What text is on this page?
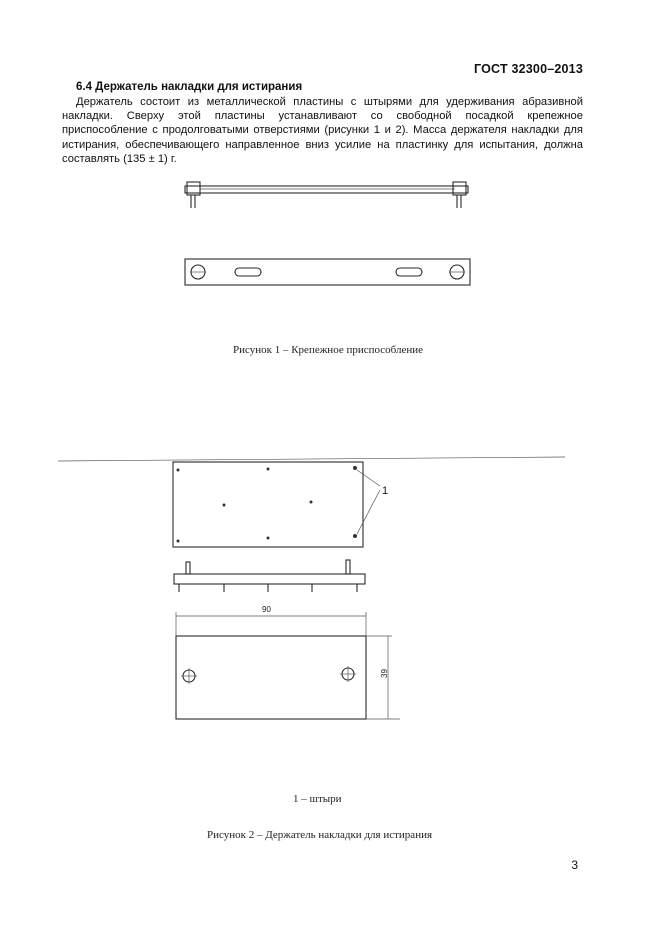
ГОСТ 32300–2013
6.4 Держатель накладки для истирания
Держатель состоит из металлической пластины с штырями для удерживания абразивной накладки. Сверху этой пластины устанавливают со свободной посадкой крепежное приспособление с продолговатыми отверстиями (рисунки 1 и 2). Масса держателя накладки для истирания, обеспечивающего направленное вниз усилие на пластинку для испытания, должна составлять (135 ± 1) г.
1
90
39
Рисунок 1 – Крепежное приспособление
1 – штыри
Рисунок 2 – Держатель накладки для истирания
3
